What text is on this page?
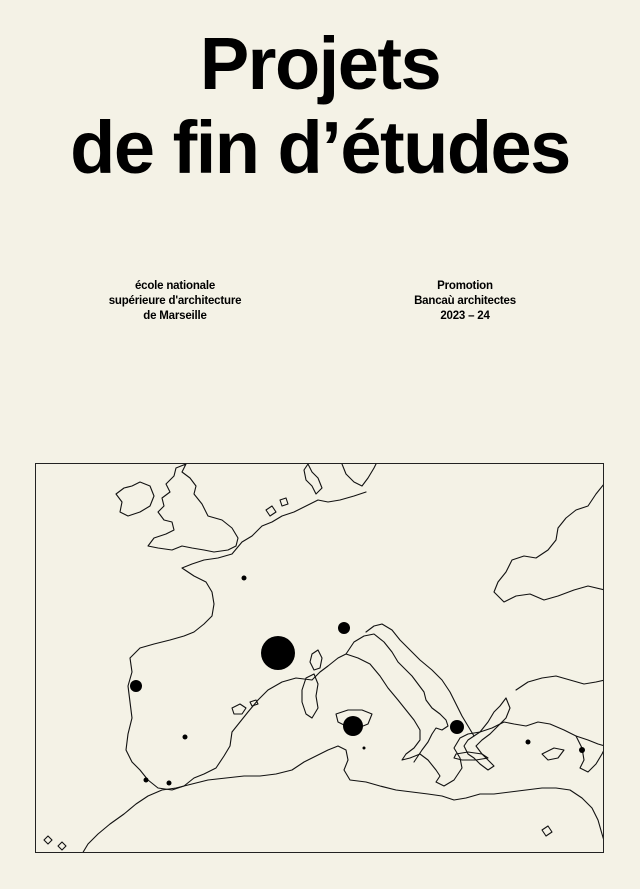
Projets
de fin d’études
école nationale
supérieure d'architecture
de Marseille
Promotion
Bancaù architectes
2023 – 24
